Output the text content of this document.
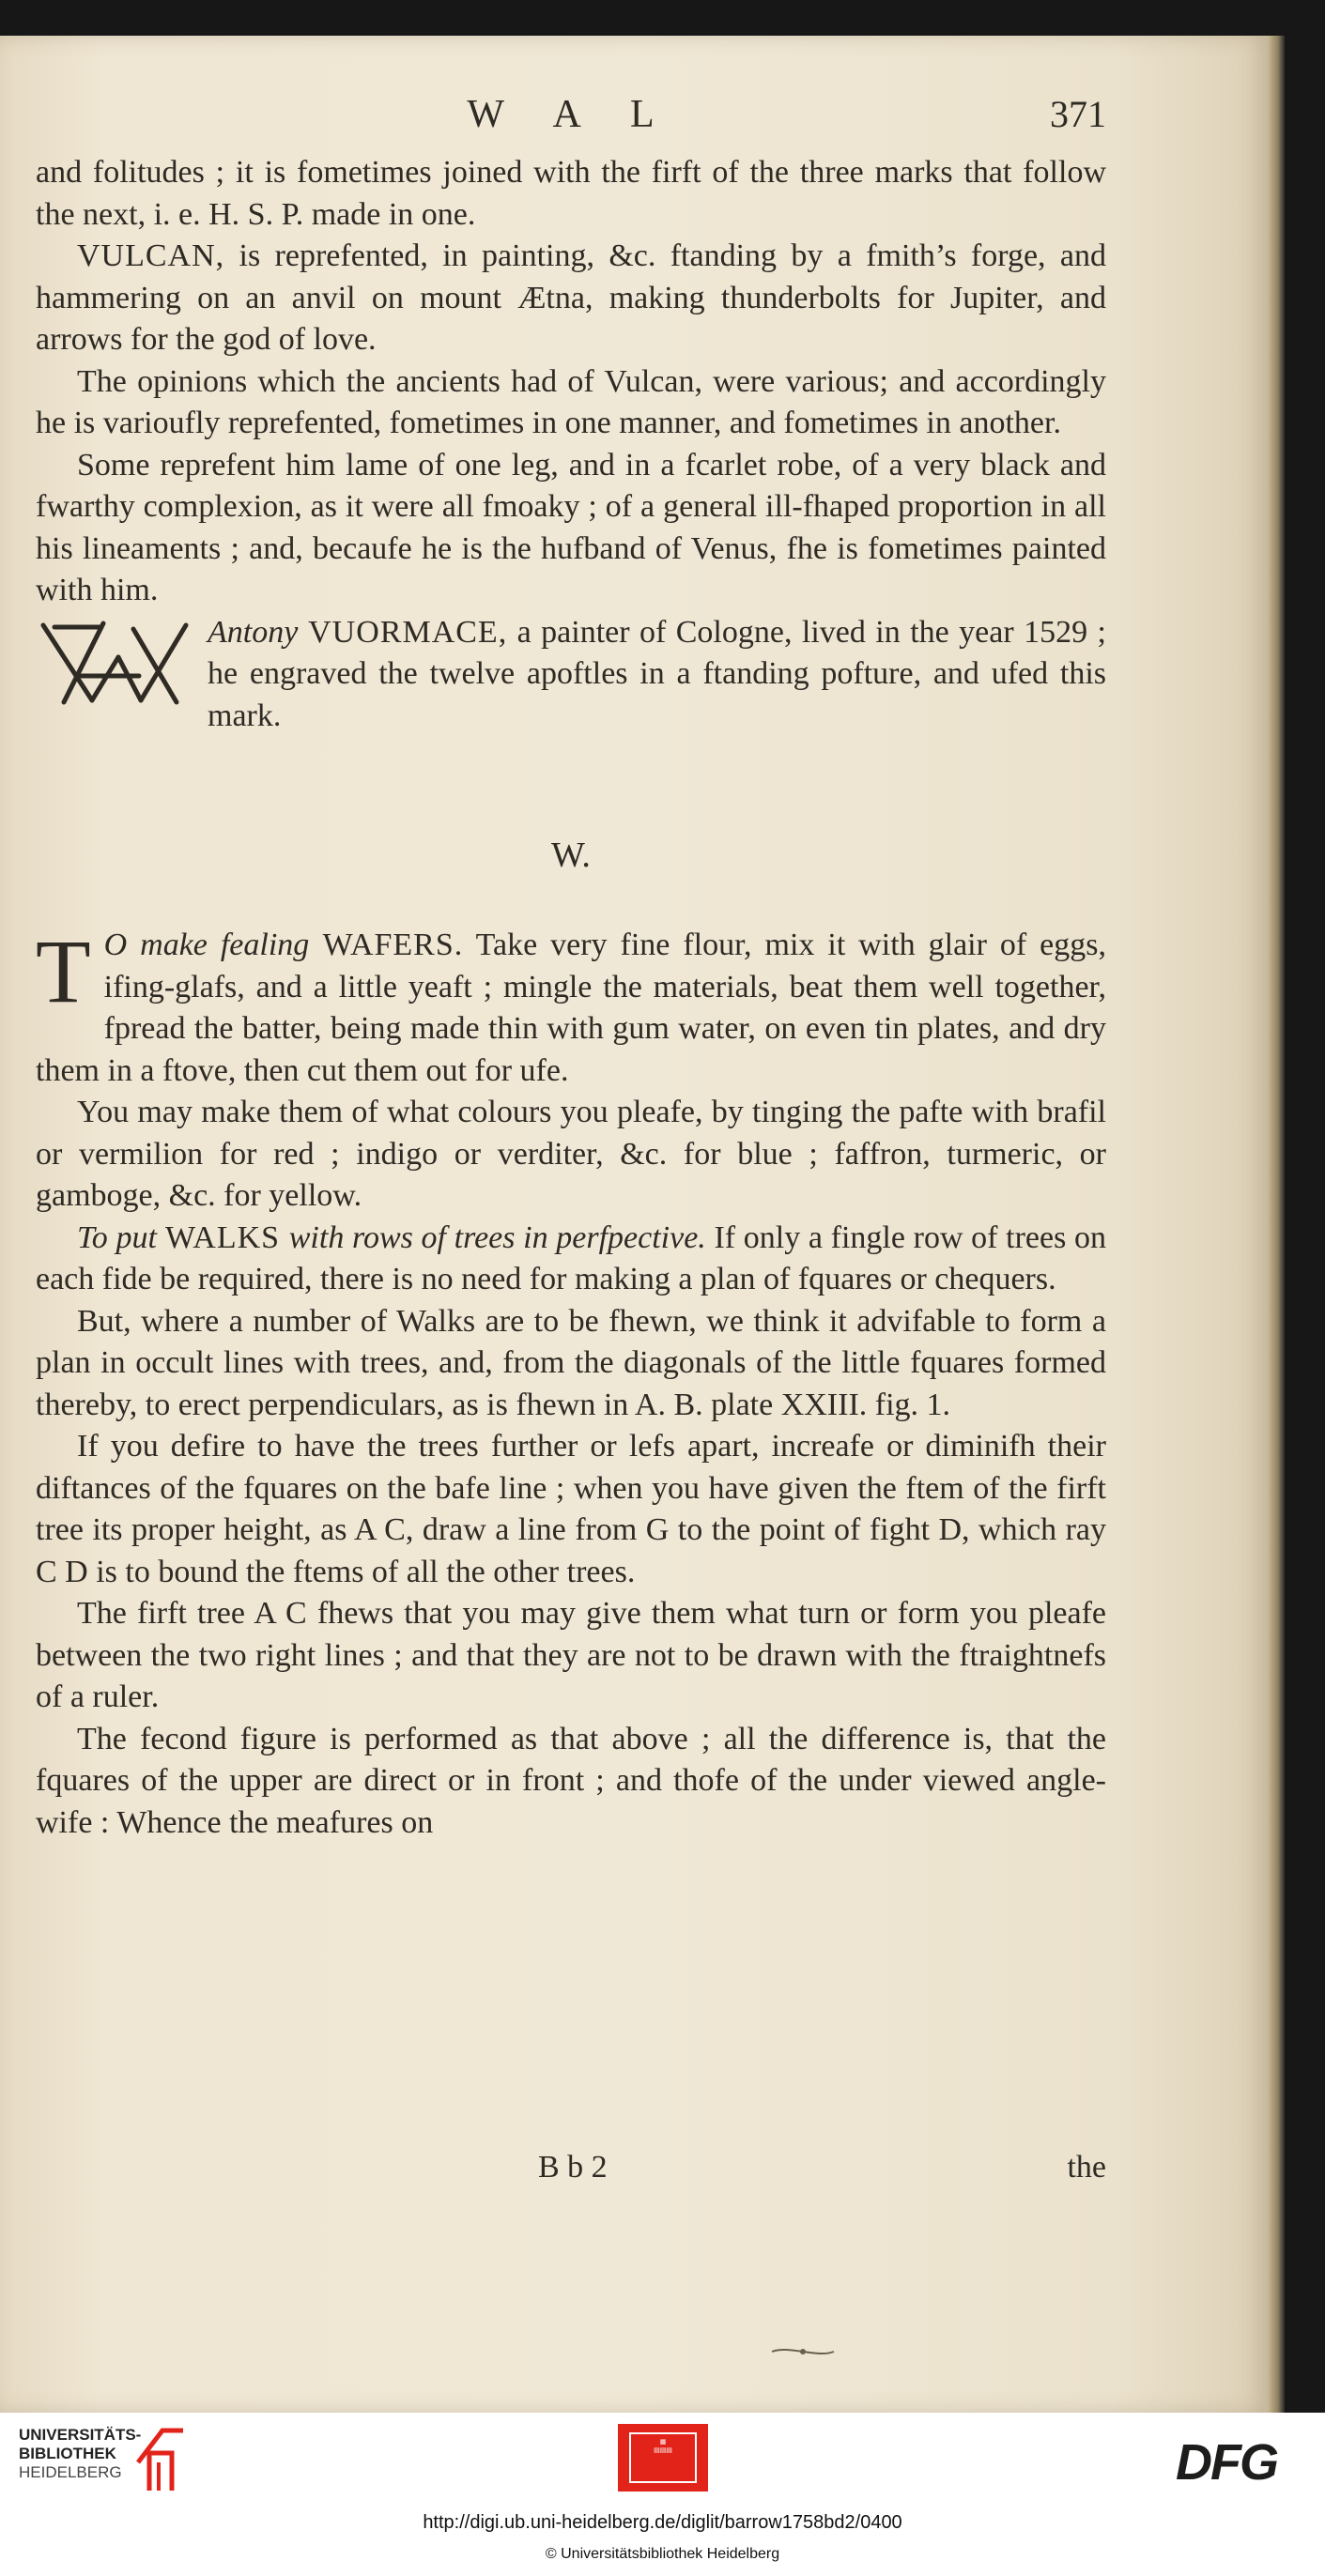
W A L	371

and folitudes ; it is fometimes joined with the firft of the three marks that follow the next, i. e. H. S. P. made in one.

VULCAN, is reprefented, in painting, &c. ftanding by a fmith’s forge, and hammering on an anvil on mount Ætna, making thunderbolts for Jupiter, and arrows for the god of love.

The opinions which the ancients had of Vulcan, were various; and accordingly he is varioufly reprefented, fometimes in one manner, and fometimes in another.

Some reprefent him lame of one leg, and in a fcarlet robe, of a very black and fwarthy complexion, as it were all fmoaky ; of a general ill-fhaped proportion in all his lineaments ; and, becaufe he is the hufband of Venus, fhe is fometimes painted with him.

Antony VUORMACE, a painter of Cologne, lived in the year 1529 ; he engraved the twelve apoftles in a ftanding pofture, and ufed this mark.

W.

T O make fealing WAFERS. Take very fine flour, mix it with glair of eggs, ifing-glafs, and a little yeaft ; mingle the materials, beat them well together, fpread the batter, being made thin with gum water, on even tin plates, and dry them in a ftove, then cut them out for ufe.

You may make them of what colours you pleafe, by tinging the pafte with brafil or vermilion for red ; indigo or verditer, &c. for blue ; faffron, turmeric, or gamboge, &c. for yellow.

To put WALKS with rows of trees in perfpective. If only a fingle row of trees on each fide be required, there is no need for making a plan of fquares or chequers.

But, where a number of Walks are to be fhewn, we think it advifable to form a plan in occult lines with trees, and, from the diagonals of the little fquares formed thereby, to erect perpendiculars, as is fhewn in A. B. plate XXIII. fig. 1.

If you defire to have the trees further or lefs apart, increafe or diminifh their diftances of the fquares on the bafe line ; when you have given the ftem of the firft tree its proper height, as A C, draw a line from G to the point of fight D, which ray C D is to bound the ftems of all the other trees.

The firft tree A C fhews that you may give them what turn or form you pleafe between the two right lines ; and that they are not to be drawn with the ftraightnefs of a ruler.

The fecond figure is performed as that above ; all the difference is, that the fquares of the upper are direct or in front ; and thofe of the under viewed angle-wife : Whence the meafures on

B b 2	the
UNIVERSITÄTS-
BIBLIOTHEK
HEIDELBERG
▦
▤▤▤	DFG
http://digi.ub.uni-heidelberg.de/diglit/barrow1758bd2/0400
© Universitätsbibliothek Heidelberg
